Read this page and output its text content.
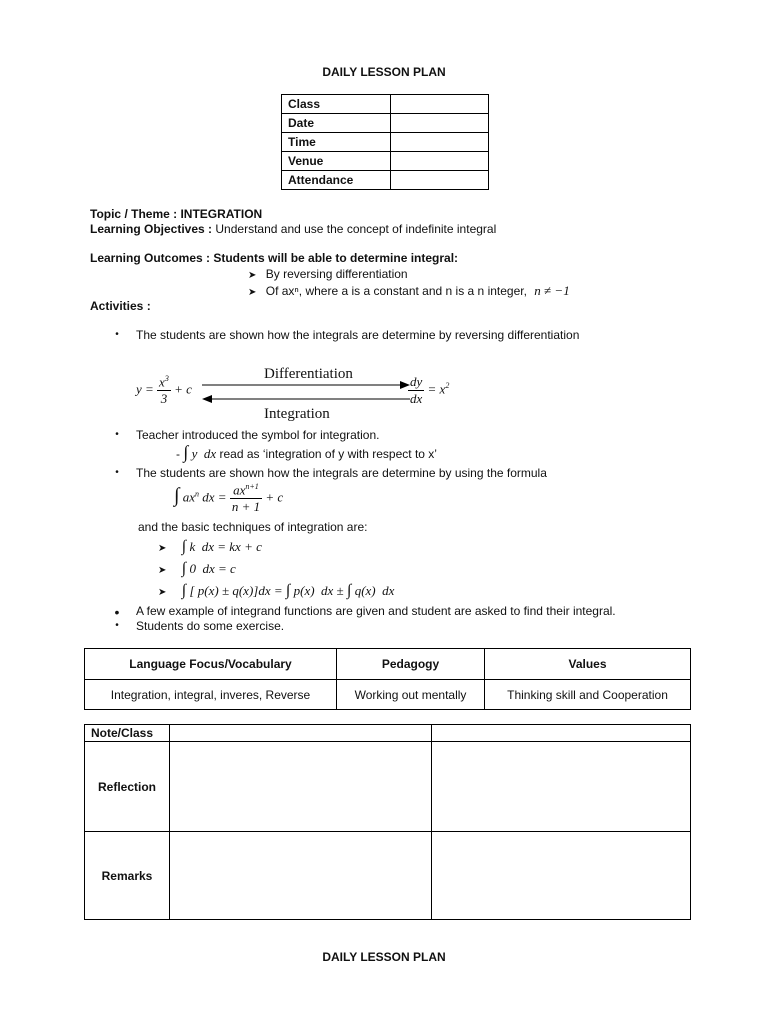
DAILY LESSON PLAN
Class	
Date	
Time	
Venue	
Attendance	
Topic / Theme : INTEGRATION
Learning Objectives : Understand and use the concept of indefinite integral
Learning Outcomes : Students will be able to determine integral:
➤ By reversing differentiation
➤ Of axⁿ, where a is a constant and n is a n integer, n ≠ −1
Activities :
• The students are shown how the integrals are determine by reversing differentiation
Differentiation
Integration
$y = \frac{x^3}{3} + c$	$\frac{dy}{dx} = x^2$
• Teacher introduced the symbol for integration.
- ∫ y  dx read as ‘integration of y with respect to x’
• The students are shown how the integrals are determine by using the formula
∫ $ax^n$ dx = $\frac{ax^{n+1}}{n + 1} + c$
and the basic techniques of integration are:
➤ ∫ k  dx = kx + c
➤ ∫ 0  dx = c
➤ ∫ [ p(x) ± q(x)]dx = ∫ p(x)  dx ± ∫ q(x)  dx
• A few example of integrand functions are given and student are asked to find their integral.
• Students do some exercise.
Language Focus/Vocabulary	Pedagogy	Values
Integration, integral, inveres, Reverse	Working out mentally	Thinking skill and Cooperation
Note/Class		
Reflection		
Remarks		
DAILY LESSON PLAN
